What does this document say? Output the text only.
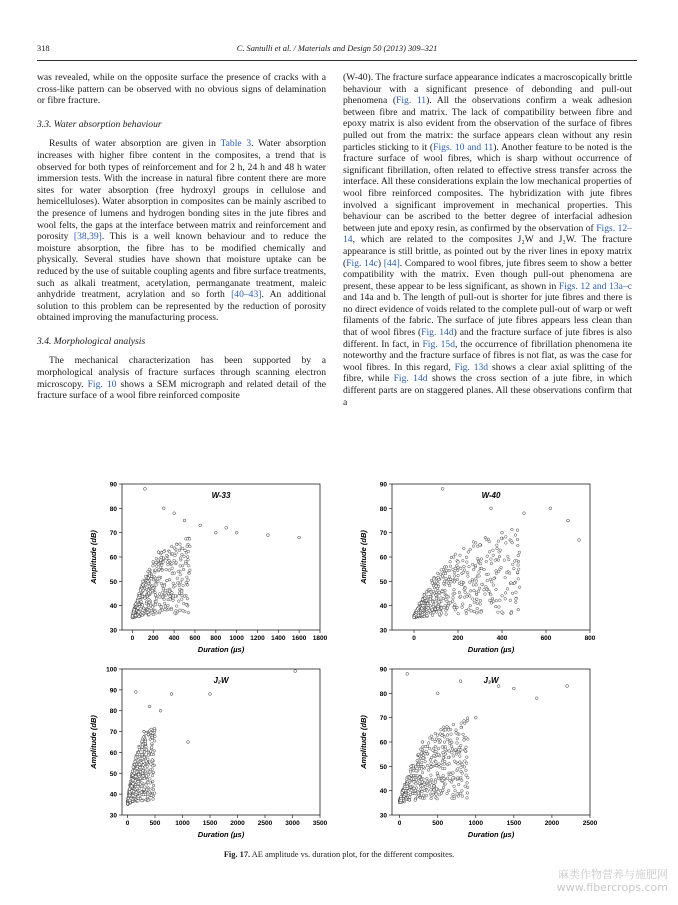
318	C. Santulli et al. / Materials and Design 50 (2013) 309–321

was revealed, while on the opposite surface the presence of cracks with a cross-like pattern can be observed with no obvious signs of delamination or fibre fracture.

3.3. Water absorption behaviour

Results of water absorption are given in Table 3. Water absorption increases with higher fibre content in the composites, a trend that is observed for both types of reinforcement and for 2 h, 24 h and 48 h water immersion tests. With the increase in natural fibre content there are more sites for water absorption (free hydroxyl groups in cellulose and hemicelluloses). Water absorption in composites can be mainly ascribed to the presence of lumens and hydrogen bonding sites in the jute fibres and wool felts, the gaps at the interface between matrix and reinforcement and porosity [38,39]. This is a well known behaviour and to reduce the moisture absorption, the fibre has to be modified chemically and physically. Several studies have shown that moisture uptake can be reduced by the use of suitable coupling agents and fibre surface treatments, such as alkali treatment, acetylation, permanganate treatment, maleic anhydride treatment, acrylation and so forth [40–43]. An additional solution to this problem can be represented by the reduction of porosity obtained improving the manufacturing process.

3.4. Morphological analysis

The mechanical characterization has been supported by a morphological analysis of fracture surfaces through scanning electron microscopy. Fig. 10 shows a SEM micrograph and related detail of the fracture surface of a wool fibre reinforced composite

(W-40). The fracture surface appearance indicates a macroscopically brittle behaviour with a significant presence of debonding and pull-out phenomena (Fig. 11). All the observations confirm a weak adhesion between fibre and matrix. The lack of compatibility between fibre and epoxy matrix is also evident from the observation of the surface of fibres pulled out from the matrix: the surface appears clean without any resin particles sticking to it (Figs. 10 and 11). Another feature to be noted is the fracture surface of wool fibres, which is sharp without occurrence of significant fibrillation, often related to effective stress transfer across the interface. All these considerations explain the low mechanical properties of wool fibre reinforced composites. The hybridization with jute fibres involved a significant improvement in mechanical properties. This behaviour can be ascribed to the better degree of interfacial adhesion between jute and epoxy resin, as confirmed by the observation of Figs. 12–14, which are related to the composites J₂W and J₃W. The fracture appearance is still brittle, as pointed out by the river lines in epoxy matrix (Fig. 14c) [44]. Compared to wool fibres, jute fibres seem to show a better compatibility with the matrix. Even though pull-out phenomena are present, these appear to be less significant, as shown in Figs. 12 and 13a–c and 14a and b. The length of pull-out is shorter for jute fibres and there is no direct evidence of voids related to the complete pull-out of warp or weft filaments of the fabric. The surface of jute fibres appears less clean than that of wool fibres (Fig. 14d) and the fracture surface of jute fibres is also different. In fact, in Fig. 15d, the occurrence of fibrillation phenomena ite noteworthy and the fracture surface of fibres is not flat, as was the case for wool fibres. In this regard, Fig. 13d shows a clear axial splitting of the fibre, while Fig. 14d shows the cross section of a jute fibre, in which different parts are on staggered planes. All these observations confirm that a

30
40
50
60
70
80
90
0 200 400 600 800 1000 1200 1400 1600 1800
Duration (µs)
Amplitude (dB)
W-33
30
40
50
60
70
80
90
0	200	400	600	800
Duration (µs)
Amplitude (dB)
W-40
30
40
50
60
70
80
90
100
0	500 1000 1500 2000 2500 3000 3500
Duration (µs)
Amplitude (dB)
J₂W
30
40
50
60
70
80
90
0	500	1000	1500	2000	2500
Duration (µs)
Amplitude (dB)
J₃W
Fig. 17. AE amplitude vs. duration plot, for the different composites.
麻类作物营养与施肥网
www.fibercrops.com
